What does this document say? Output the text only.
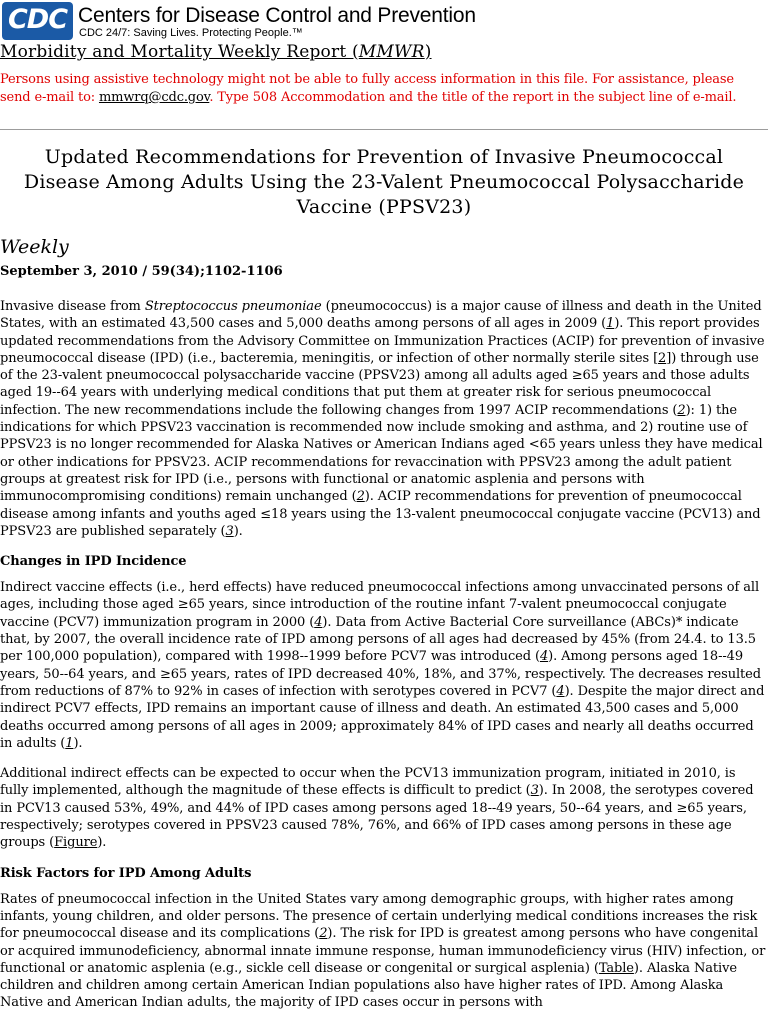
CDC Centers for Disease Control and Prevention
CDC 24/7: Saving Lives. Protecting People.™
Morbidity and Mortality Weekly Report (MMWR)

Persons using assistive technology might not be able to fully access information in this file. For assistance, please send e-mail to: mmwrq@cdc.gov. Type 508 Accommodation and the title of the report in the subject line of e-mail.

Updated Recommendations for Prevention of Invasive Pneumococcal Disease Among Adults Using the 23-Valent Pneumococcal Polysaccharide Vaccine (PPSV23)
Weekly
September 3, 2010 / 59(34);1102-1106

Invasive disease from Streptococcus pneumoniae (pneumococcus) is a major cause of illness and death in the United States, with an estimated 43,500 cases and 5,000 deaths among persons of all ages in 2009 (1). This report provides updated recommendations from the Advisory Committee on Immunization Practices (ACIP) for prevention of invasive pneumococcal disease (IPD) (i.e., bacteremia, meningitis, or infection of other normally sterile sites [2]) through use of the 23-valent pneumococcal polysaccharide vaccine (PPSV23) among all adults aged ≥65 years and those adults aged 19--64 years with underlying medical conditions that put them at greater risk for serious pneumococcal infection. The new recommendations include the following changes from 1997 ACIP recommendations (2): 1) the indications for which PPSV23 vaccination is recommended now include smoking and asthma, and 2) routine use of PPSV23 is no longer recommended for Alaska Natives or American Indians aged <65 years unless they have medical or other indications for PPSV23. ACIP recommendations for revaccination with PPSV23 among the adult patient groups at greatest risk for IPD (i.e., persons with functional or anatomic asplenia and persons with immunocompromising conditions) remain unchanged (2). ACIP recommendations for prevention of pneumococcal disease among infants and youths aged ≤18 years using the 13-valent pneumococcal conjugate vaccine (PCV13) and PPSV23 are published separately (3).

Changes in IPD Incidence

Indirect vaccine effects (i.e., herd effects) have reduced pneumococcal infections among unvaccinated persons of all ages, including those aged ≥65 years, since introduction of the routine infant 7-valent pneumococcal conjugate vaccine (PCV7) immunization program in 2000 (4). Data from Active Bacterial Core surveillance (ABCs)* indicate that, by 2007, the overall incidence rate of IPD among persons of all ages had decreased by 45% (from 24.4. to 13.5 per 100,000 population), compared with 1998--1999 before PCV7 was introduced (4). Among persons aged 18--49 years, 50--64 years, and ≥65 years, rates of IPD decreased 40%, 18%, and 37%, respectively. The decreases resulted from reductions of 87% to 92% in cases of infection with serotypes covered in PCV7 (4). Despite the major direct and indirect PCV7 effects, IPD remains an important cause of illness and death. An estimated 43,500 cases and 5,000 deaths occurred among persons of all ages in 2009; approximately 84% of IPD cases and nearly all deaths occurred in adults (1).

Additional indirect effects can be expected to occur when the PCV13 immunization program, initiated in 2010, is fully implemented, although the magnitude of these effects is difficult to predict (3). In 2008, the serotypes covered in PCV13 caused 53%, 49%, and 44% of IPD cases among persons aged 18--49 years, 50--64 years, and ≥65 years, respectively; serotypes covered in PPSV23 caused 78%, 76%, and 66% of IPD cases among persons in these age groups (Figure).

Risk Factors for IPD Among Adults

Rates of pneumococcal infection in the United States vary among demographic groups, with higher rates among infants, young children, and older persons. The presence of certain underlying medical conditions increases the risk for pneumococcal disease and its complications (2). The risk for IPD is greatest among persons who have congenital or acquired immunodeficiency, abnormal innate immune response, human immunodeficiency virus (HIV) infection, or functional or anatomic asplenia (e.g., sickle cell disease or congenital or surgical asplenia) (Table). Alaska Native children and children among certain American Indian populations also have higher rates of IPD. Among Alaska Native and American Indian adults, the majority of IPD cases occur in persons with
